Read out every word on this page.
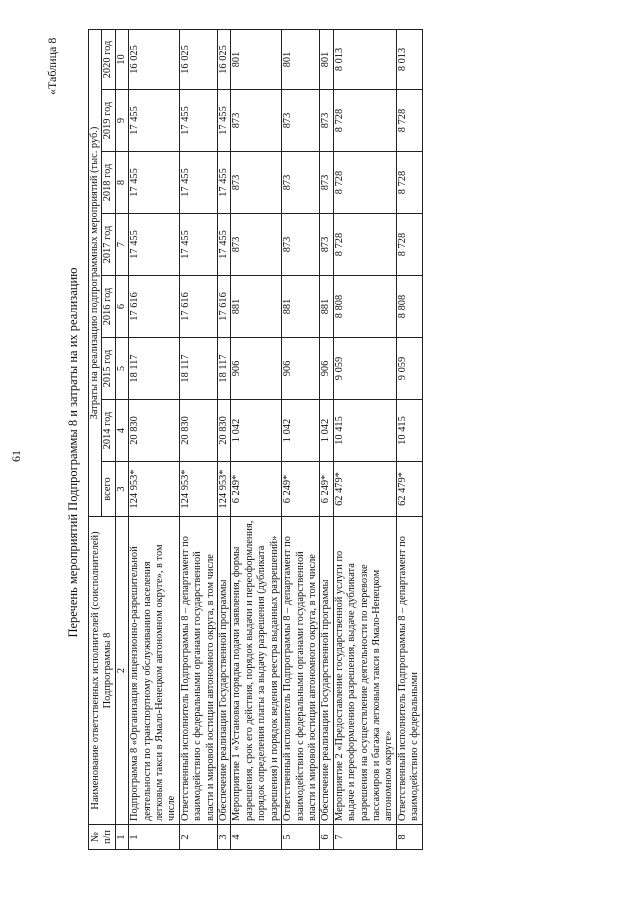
61
«Таблица 8
Перечень мероприятий Подпрограммы 8 и затраты на их реализацию
№ п/п	Наименование ответственных исполнителей (соисполнителей) Подпрограммы 8	Затраты на реализацию подпрограммных мероприятий (тыс. руб.)							
		всего	2014 год	2015 год	2016 год	2017 год	2018 год	2019 год	2020 год
1	2	3	4	5	6	7	8	9	10
1	Подпрограмма 8 «Организация лицензионно-разрешительной деятельности по транспортному обслуживанию населения легковым такси в Ямало-Ненецком автономном округе», в том числе	124 953*	20 830	18 117	17 616	17 455	17 455	17 455	16 025
2	Ответственный исполнитель Подпрограммы 8 – департамент по взаимодействию с федеральными органами государственной власти и мировой юстиции автономного округа, в том числе	124 953*	20 830	18 117	17 616	17 455	17 455	17 455	16 025
3	Обеспечение реализации Государственной программы	124 953*	20 830	18 117	17 616	17 455	17 455	17 455	16 025
4	Мероприятие 1 «Установка порядка подачи заявления, формы разрешения, срок его действия, порядок выдачи и переоформления, порядок определения платы за выдачу разрешения (дубликата разрешения) и порядок ведения реестра выданных разрешений»	6 249*	1 042	906	881	873	873	873	801
5	Ответственный исполнитель Подпрограммы 8 – департамент по взаимодействию с федеральными органами государственной власти и мировой юстиции автономного округа, в том числе	6 249*	1 042	906	881	873	873	873	801
6	Обеспечение реализации Государственной программы	6 249*	1 042	906	881	873	873	873	801
7	Мероприятие 2 «Предоставление государственной услуги по выдаче и переоформлению разрешения, выдаче дубликата разрешения на осуществление деятельности по перевозке пассажиров и багажа легковым такси в Ямало-Ненецком автономном округе»	62 479*	10 415	9 059	8 808	8 728	8 728	8 728	8 013
8	Ответственный исполнитель Подпрограммы 8 – департамент по взаимодействию с федеральными	62 479*	10 415	9 059	8 808	8 728	8 728	8 728	8 013
